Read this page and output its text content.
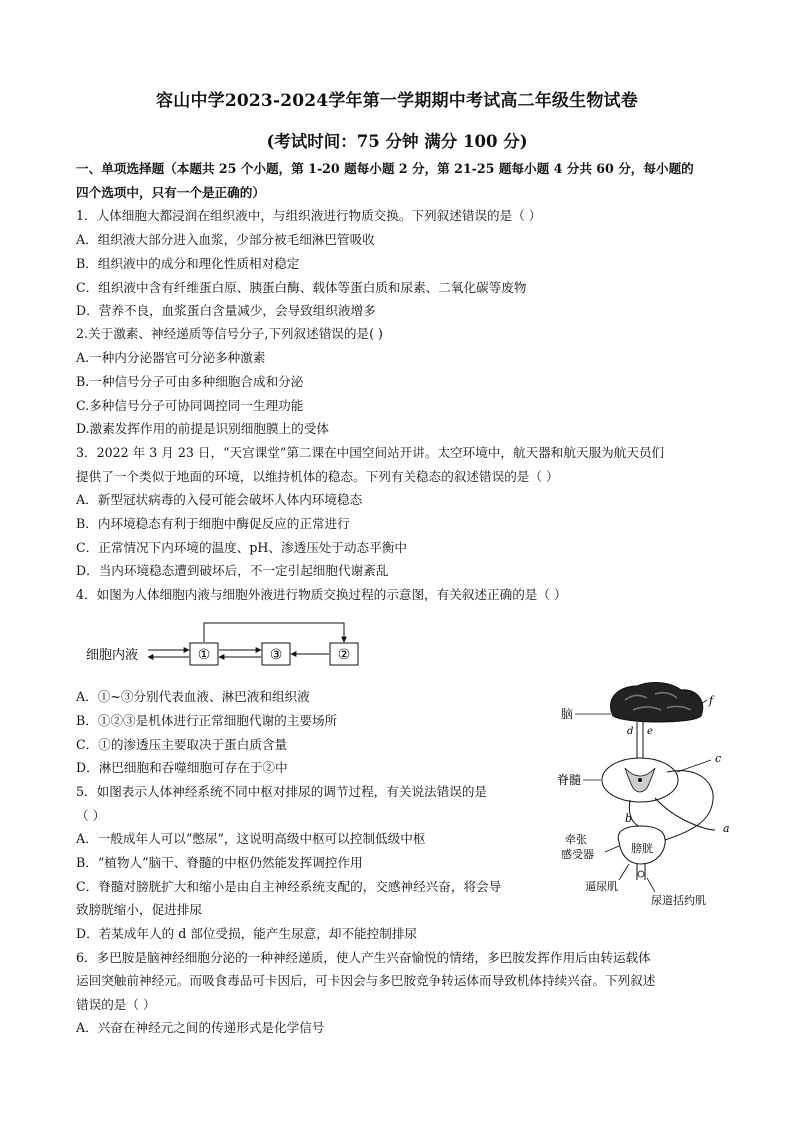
容山中学2023-2024学年第一学期期中考试高二年级生物试卷
(考试时间：75 分钟 满分 100 分)
一、单项选择题（本题共 25 个小题，第 1-20 题每小题 2 分，第 21-25 题每小题 4 分共 60 分，每小题的
四个选项中，只有一个是正确的）
1．人体细胞大都浸润在组织液中，与组织液进行物质交换。下列叙述错误的是（ ）
A．组织液大部分进入血浆，少部分被毛细淋巴管吸收
B．组织液中的成分和理化性质相对稳定
C．组织液中含有纤维蛋白原、胰蛋白酶、载体等蛋白质和尿素、二氧化碳等废物
D．营养不良，血浆蛋白含量减少，会导致组织液增多
2.关于激素、神经递质等信号分子,下列叙述错误的是( )
A.一种内分泌器官可分泌多种激素
B.一种信号分子可由多种细胞合成和分泌
C.多种信号分子可协同调控同一生理功能
D.激素发挥作用的前提是识别细胞膜上的受体
3．2022 年 3 月 23 日，“天宫课堂”第二课在中国空间站开讲。太空环境中，航天器和航天服为航天员们
提供了一个类似于地面的环境，以维持机体的稳态。下列有关稳态的叙述错误的是（ ）
A．新型冠状病毒的入侵可能会破坏人体内环境稳态
B．内环境稳态有利于细胞中酶促反应的正常进行
C．正常情况下内环境的温度、pH、渗透压处于动态平衡中
D．当内环境稳态遭到破坏后，不一定引起细胞代谢紊乱
4．如图为人体细胞内液与细胞外液进行物质交换过程的示意图，有关叙述正确的是（ ）
细胞内液	①	③	②
A．①~③分别代表血液、淋巴液和组织液
B．①②③是机体进行正常细胞代谢的主要场所
C．①的渗透压主要取决于蛋白质含量
D．淋巴细胞和吞噬细胞可存在于②中
5．如图表示人体神经系统不同中枢对排尿的调节过程，有关说法错误的是
（ ）
A．一般成年人可以“憋尿”，这说明高级中枢可以控制低级中枢
B．“植物人”脑干、脊髓的中枢仍然能发挥调控作用
C．脊髓对膀胱扩大和缩小是由自主神经系统支配的，交感神经兴奋，将会导
致膀胱缩小，促进排尿
D．若某成年人的 d 部位受损，能产生尿意，却不能控制排尿
6．多巴胺是脑神经细胞分泌的一种神经递质，使人产生兴奋愉悦的情绪，多巴胺发挥作用后由转运载体
运回突触前神经元。而吸食毒品可卡因后，可卡因会与多巴胺竞争转运体而导致机体持续兴奋。下列叙述
错误的是（ ）
A．兴奋在神经元之间的传递形式是化学信号
脑
f
d e
脊髓
c
a
b
膀胱
牵张
感受器
逼尿肌
尿道括约肌
